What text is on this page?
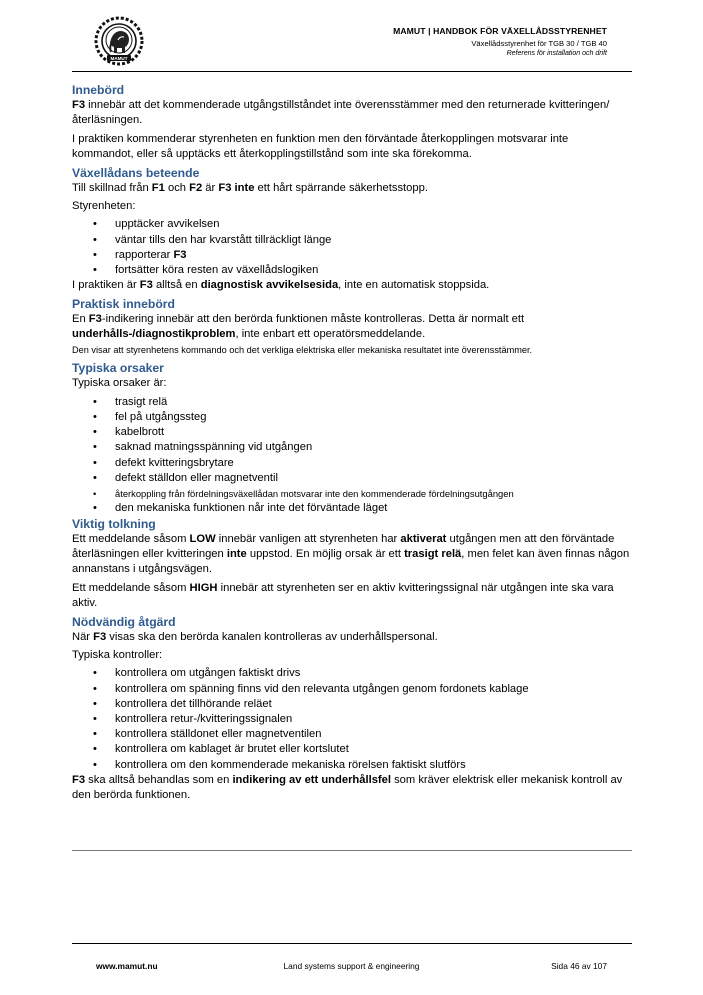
MAMUT
MAMUT | HANDBOK FÖR VÄXELLÅDSSTYRENHET
Växellådsstyrenhet för TGB 30 / TGB 40
Referens för installation och drift
Innebörd

F3 innebär att det kommenderade utgångstillståndet inte överensstämmer med den returnerade kvitteringen/återläsningen.

I praktiken kommenderar styrenheten en funktion men den förväntade återkopplingen motsvarar inte kommandot, eller så upptäcks ett återkopplingstillstånd som inte ska förekomma.

Växellådans beteende

Till skillnad från F1 och F2 är F3 inte ett hårt spärrande säkerhetsstopp.

Styrenheten:

• upptäcker avvikelsen
• väntar tills den har kvarstått tillräckligt länge
• rapporterar F3
• fortsätter köra resten av växellådslogiken

I praktiken är F3 alltså en diagnostisk avvikelsesida, inte en automatisk stoppsida.

Praktisk innebörd

En F3-indikering innebär att den berörda funktionen måste kontrolleras. Detta är normalt ett underhålls-/diagnostikproblem, inte enbart ett operatörsmeddelande.

Den visar att styrenhetens kommando och det verkliga elektriska eller mekaniska resultatet inte överensstämmer.

Typiska orsaker

Typiska orsaker är:

• trasigt relä
• fel på utgångssteg
• kabelbrott
• saknad matningsspänning vid utgången
• defekt kvitteringsbrytare
• defekt ställdon eller magnetventil
• återkoppling från fördelningsväxellådan motsvarar inte den kommenderade fördelningsutgången
• den mekaniska funktionen når inte det förväntade läget
Viktig tolkning

Ett meddelande såsom LOW innebär vanligen att styrenheten har aktiverat utgången men att den förväntade återläsningen eller kvitteringen inte uppstod. En möjlig orsak är ett trasigt relä, men felet kan även finnas någon annanstans i utgångsvägen.

Ett meddelande såsom HIGH innebär att styrenheten ser en aktiv kvitteringssignal när utgången inte ska vara aktiv.

Nödvändig åtgärd

När F3 visas ska den berörda kanalen kontrolleras av underhållspersonal.

Typiska kontroller:

• kontrollera om utgången faktiskt drivs
• kontrollera om spänning finns vid den relevanta utgången genom fordonets kablage
• kontrollera det tillhörande reläet
• kontrollera retur-/kvitteringssignalen
• kontrollera ställdonet eller magnetventilen
• kontrollera om kablaget är brutet eller kortslutet
• kontrollera om den kommenderade mekaniska rörelsen faktiskt slutförs

F3 ska alltså behandlas som en indikering av ett underhållsfel som kräver elektrisk eller mekanisk kontroll av den berörda funktionen.

www.mamut.nu	Land systems support & engineering	Sida 46 av 107
